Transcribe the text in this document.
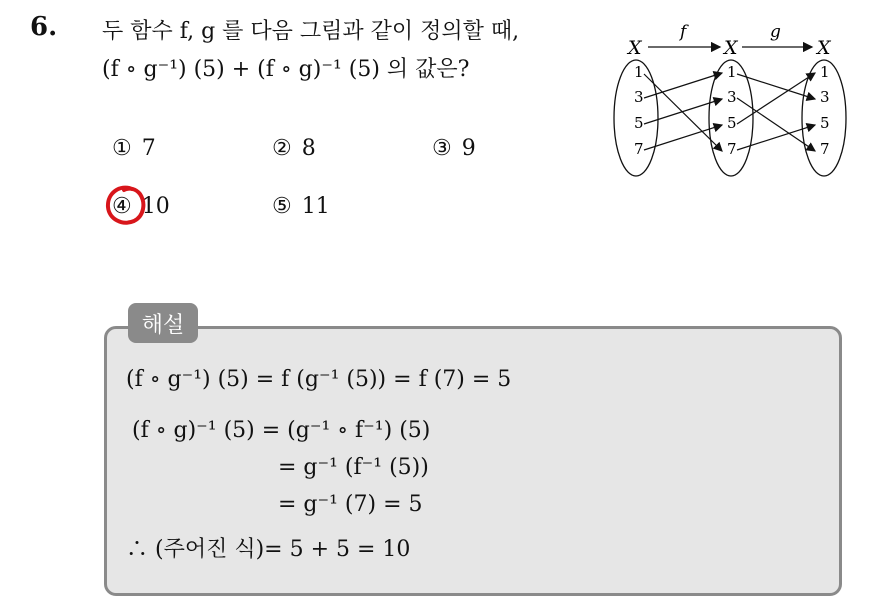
6. 두 함수 f, g 를 다음 그림과 같이 정의할 때,
(f ∘ g⁻¹) (5) + (f ∘ g)⁻¹ (5) 의 값은?
① 7	② 8	③ 9
④ 10	⑤ 11
X	X	X
f	g
1
3
5
7
1
3
5
7
1
3
5
7
해설
(f ∘ g⁻¹) (5) = f (g⁻¹ (5)) = f (7) = 5
(f ∘ g)⁻¹ (5) = (g⁻¹ ∘ f⁻¹) (5)
= g⁻¹ (f⁻¹ (5))
= g⁻¹ (7) = 5
∴ (주어진 식)= 5 + 5 = 10
